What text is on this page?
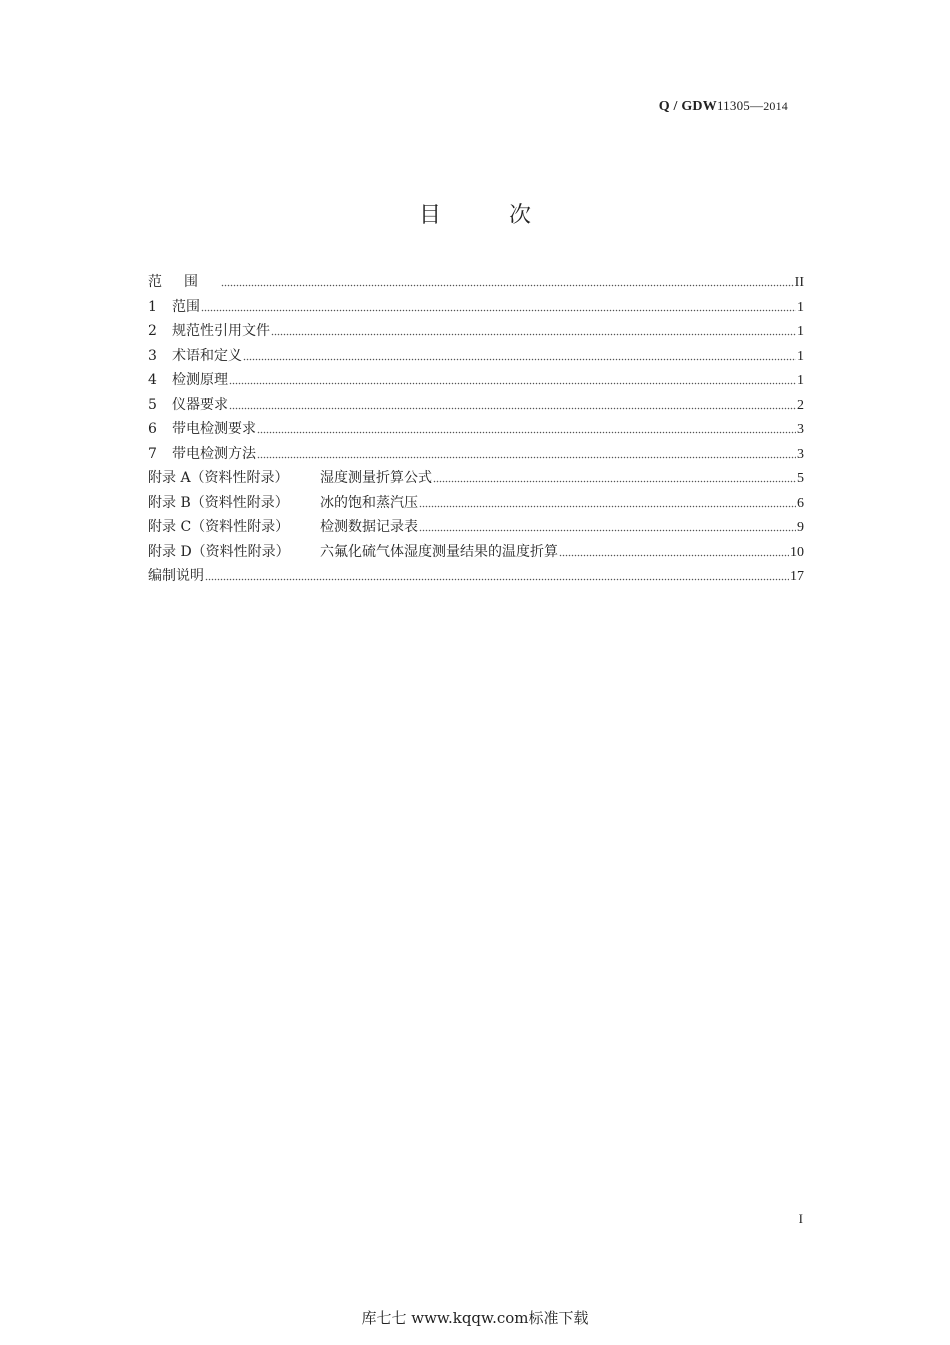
Q / GDW11305—2014
目次
范围	II
1	范围	1
2	规范性引用文件	1
3	术语和定义	1
4	检测原理	1
5	仪器要求	2
6	带电检测要求	3
7	带电检测方法	3
附录 A（资料性附录）	湿度测量折算公式	5
附录 B（资料性附录）	冰的饱和蒸汽压	6
附录 C（资料性附录）	检测数据记录表	9
附录 D（资料性附录）	六氟化硫气体湿度测量结果的温度折算	10
编制说明	17
I
库七七 www.kqqw.com标准下载
